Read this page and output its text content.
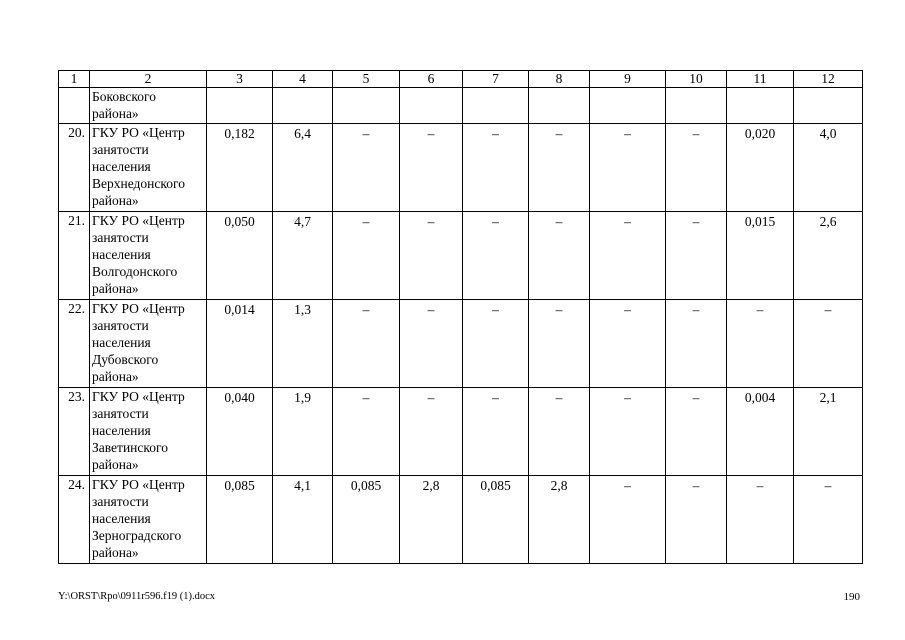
1	2	3	4	5	6	7	8	9	10	11	12

	Боковского
района»										

20.	ГКУ РО «Центр
занятости
населения
Верхнедонского
района»	0,182	6,4	–	–	–	–	–	–	0,020	4,0
21.	ГКУ РО «Центр
занятости
населения
Волгодонского
района»	0,050	4,7	–	–	–	–	–	–	0,015	2,6
22.	ГКУ РО «Центр
занятости
населения
Дубовского
района»	0,014	1,3	–	–	–	–	–	–	–	–
23.	ГКУ РО «Центр
занятости
населения
Заветинского
района»	0,040	1,9	–	–	–	–	–	–	0,004	2,1
24.	ГКУ РО «Центр
занятости
населения
Зерноградского
района»	0,085	4,1	0,085	2,8	0,085	2,8	–	–	–	–
Y:\ORST\Rpo\0911r596.f19 (1).docx	190
